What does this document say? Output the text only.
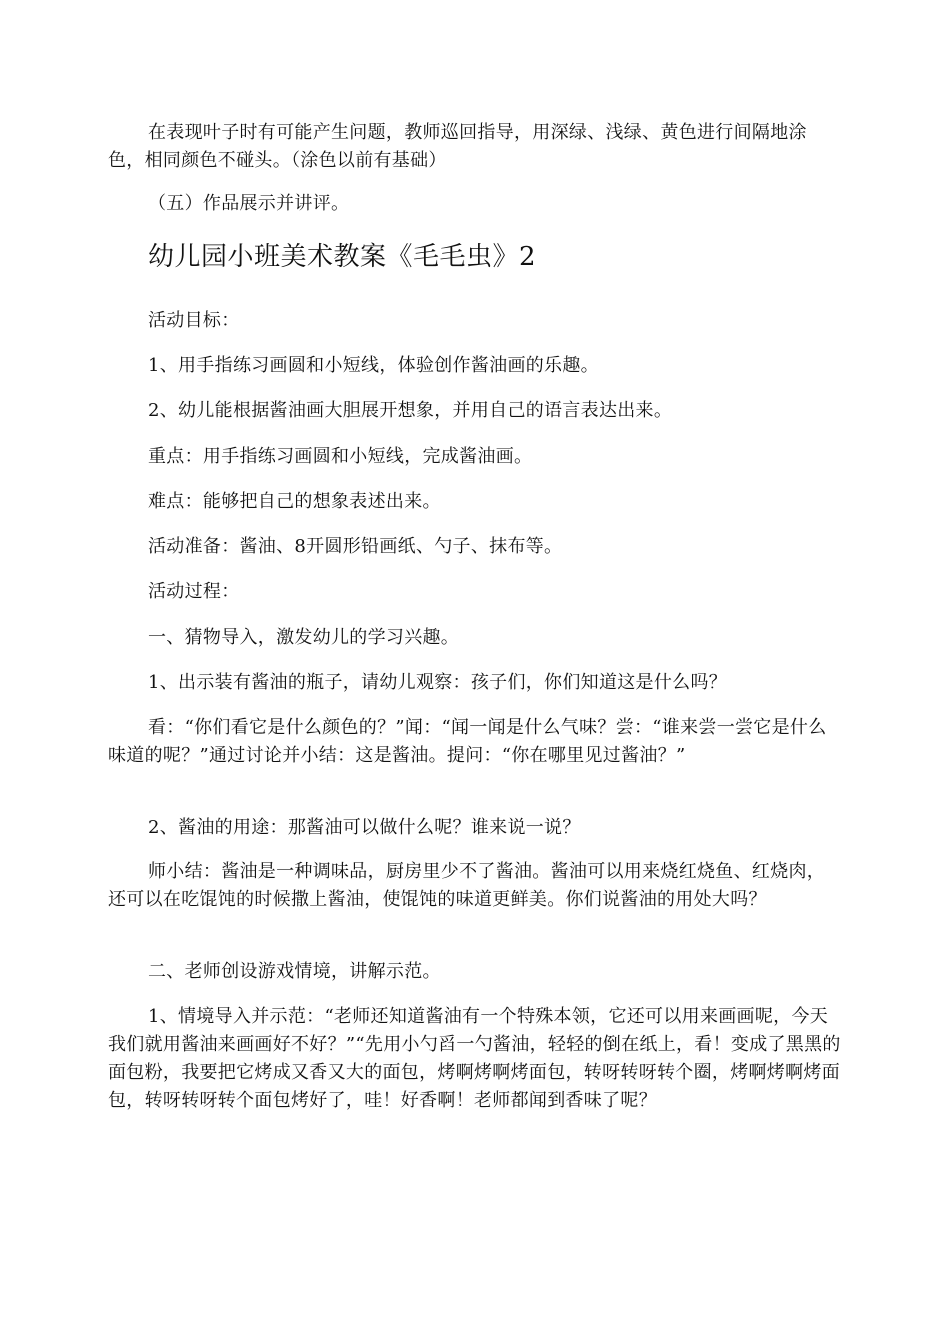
在表现叶子时有可能产生问题，教师巡回指导，用深绿、浅绿、黄色进行间隔地涂色，相同颜色不碰头。（涂色以前有基础）

（五）作品展示并讲评。

幼儿园小班美术教案《毛毛虫》2

活动目标：

1、用手指练习画圆和小短线，体验创作酱油画的乐趣。

2、幼儿能根据酱油画大胆展开想象，并用自己的语言表达出来。

重点：用手指练习画圆和小短线，完成酱油画。

难点：能够把自己的想象表述出来。

活动准备：酱油、8开圆形铅画纸、勺子、抹布等。

活动过程：

一、猜物导入，激发幼儿的学习兴趣。

1、出示装有酱油的瓶子，请幼儿观察：孩子们，你们知道这是什么吗？

看：“你们看它是什么颜色的？”闻：“闻一闻是什么气味？尝：“谁来尝一尝它是什么味道的呢？”通过讨论并小结：这是酱油。提问：“你在哪里见过酱油？”

2、酱油的用途：那酱油可以做什么呢？谁来说一说？

师小结：酱油是一种调味品，厨房里少不了酱油。酱油可以用来烧红烧鱼、红烧肉，还可以在吃馄饨的时候撒上酱油，使馄饨的味道更鲜美。你们说酱油的用处大吗？

二、老师创设游戏情境，讲解示范。

1、情境导入并示范：“老师还知道酱油有一个特殊本领，它还可以用来画画呢，今天我们就用酱油来画画好不好？”“先用小勺舀一勺酱油，轻轻的倒在纸上，看！变成了黑黑的面包粉，我要把它烤成又香又大的面包，烤啊烤啊烤面包，转呀转呀转个圈，烤啊烤啊烤面包，转呀转呀转个面包烤好了，哇！好香啊！老师都闻到香味了呢？
